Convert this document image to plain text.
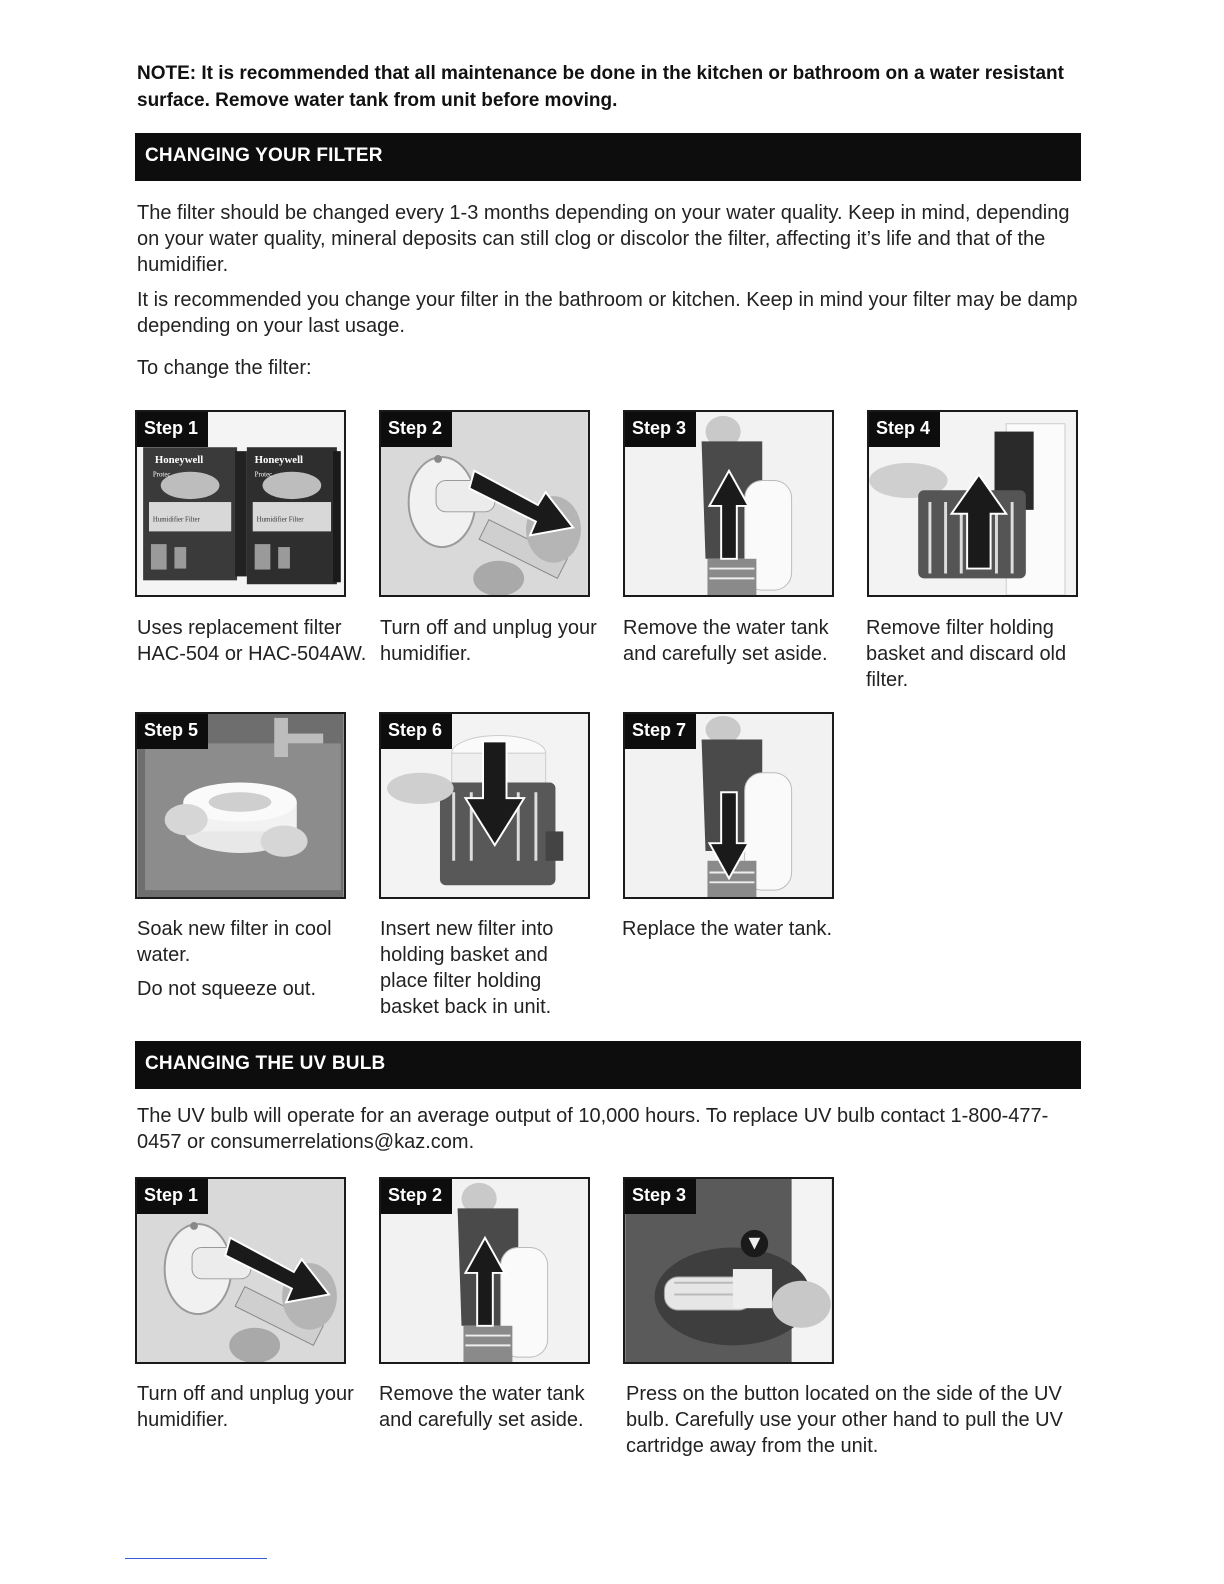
NOTE: It is recommended that all maintenance be done in the kitchen or bathroom on a water resistant surface. Remove water tank from unit before moving.
CHANGING YOUR FILTER
The filter should be changed every 1-3 months depending on your water quality. Keep in mind, depending on your water quality, mineral deposits can still clog or discolor the filter, affecting it’s life and that of the humidifier.
It is recommended you change your filter in the bathroom or kitchen. Keep in mind your filter may be damp depending on your last usage.
To change the filter:
Step 1
Honeywell	Honeywell
Protec	Protec
Humidifier Filter	Humidifier Filter
Step 2	Step 3	Step 4

Uses replacement filter HAC-504 or HAC-504AW.

Turn off and unplug your humidifier.

Remove the water tank and carefully set aside.

Remove filter holding basket and discard old filter.

Step 5	Step 6	Step 7

Soak new filter in cool water.

Do not squeeze out.

Insert new filter into holding basket and place filter holding basket back in unit.

Replace the water tank.

CHANGING THE UV BULB
The UV bulb will operate for an average output of 10,000 hours. To replace UV bulb contact 1-800-477-0457 or consumerrelations@kaz.com.
Step 1	Step 2	Step 3

Turn off and unplug your humidifier.

Remove the water tank and carefully set aside.

Press on the button located on the side of the UV bulb. Carefully use your other hand to pull the UV cartridge away from the unit.
